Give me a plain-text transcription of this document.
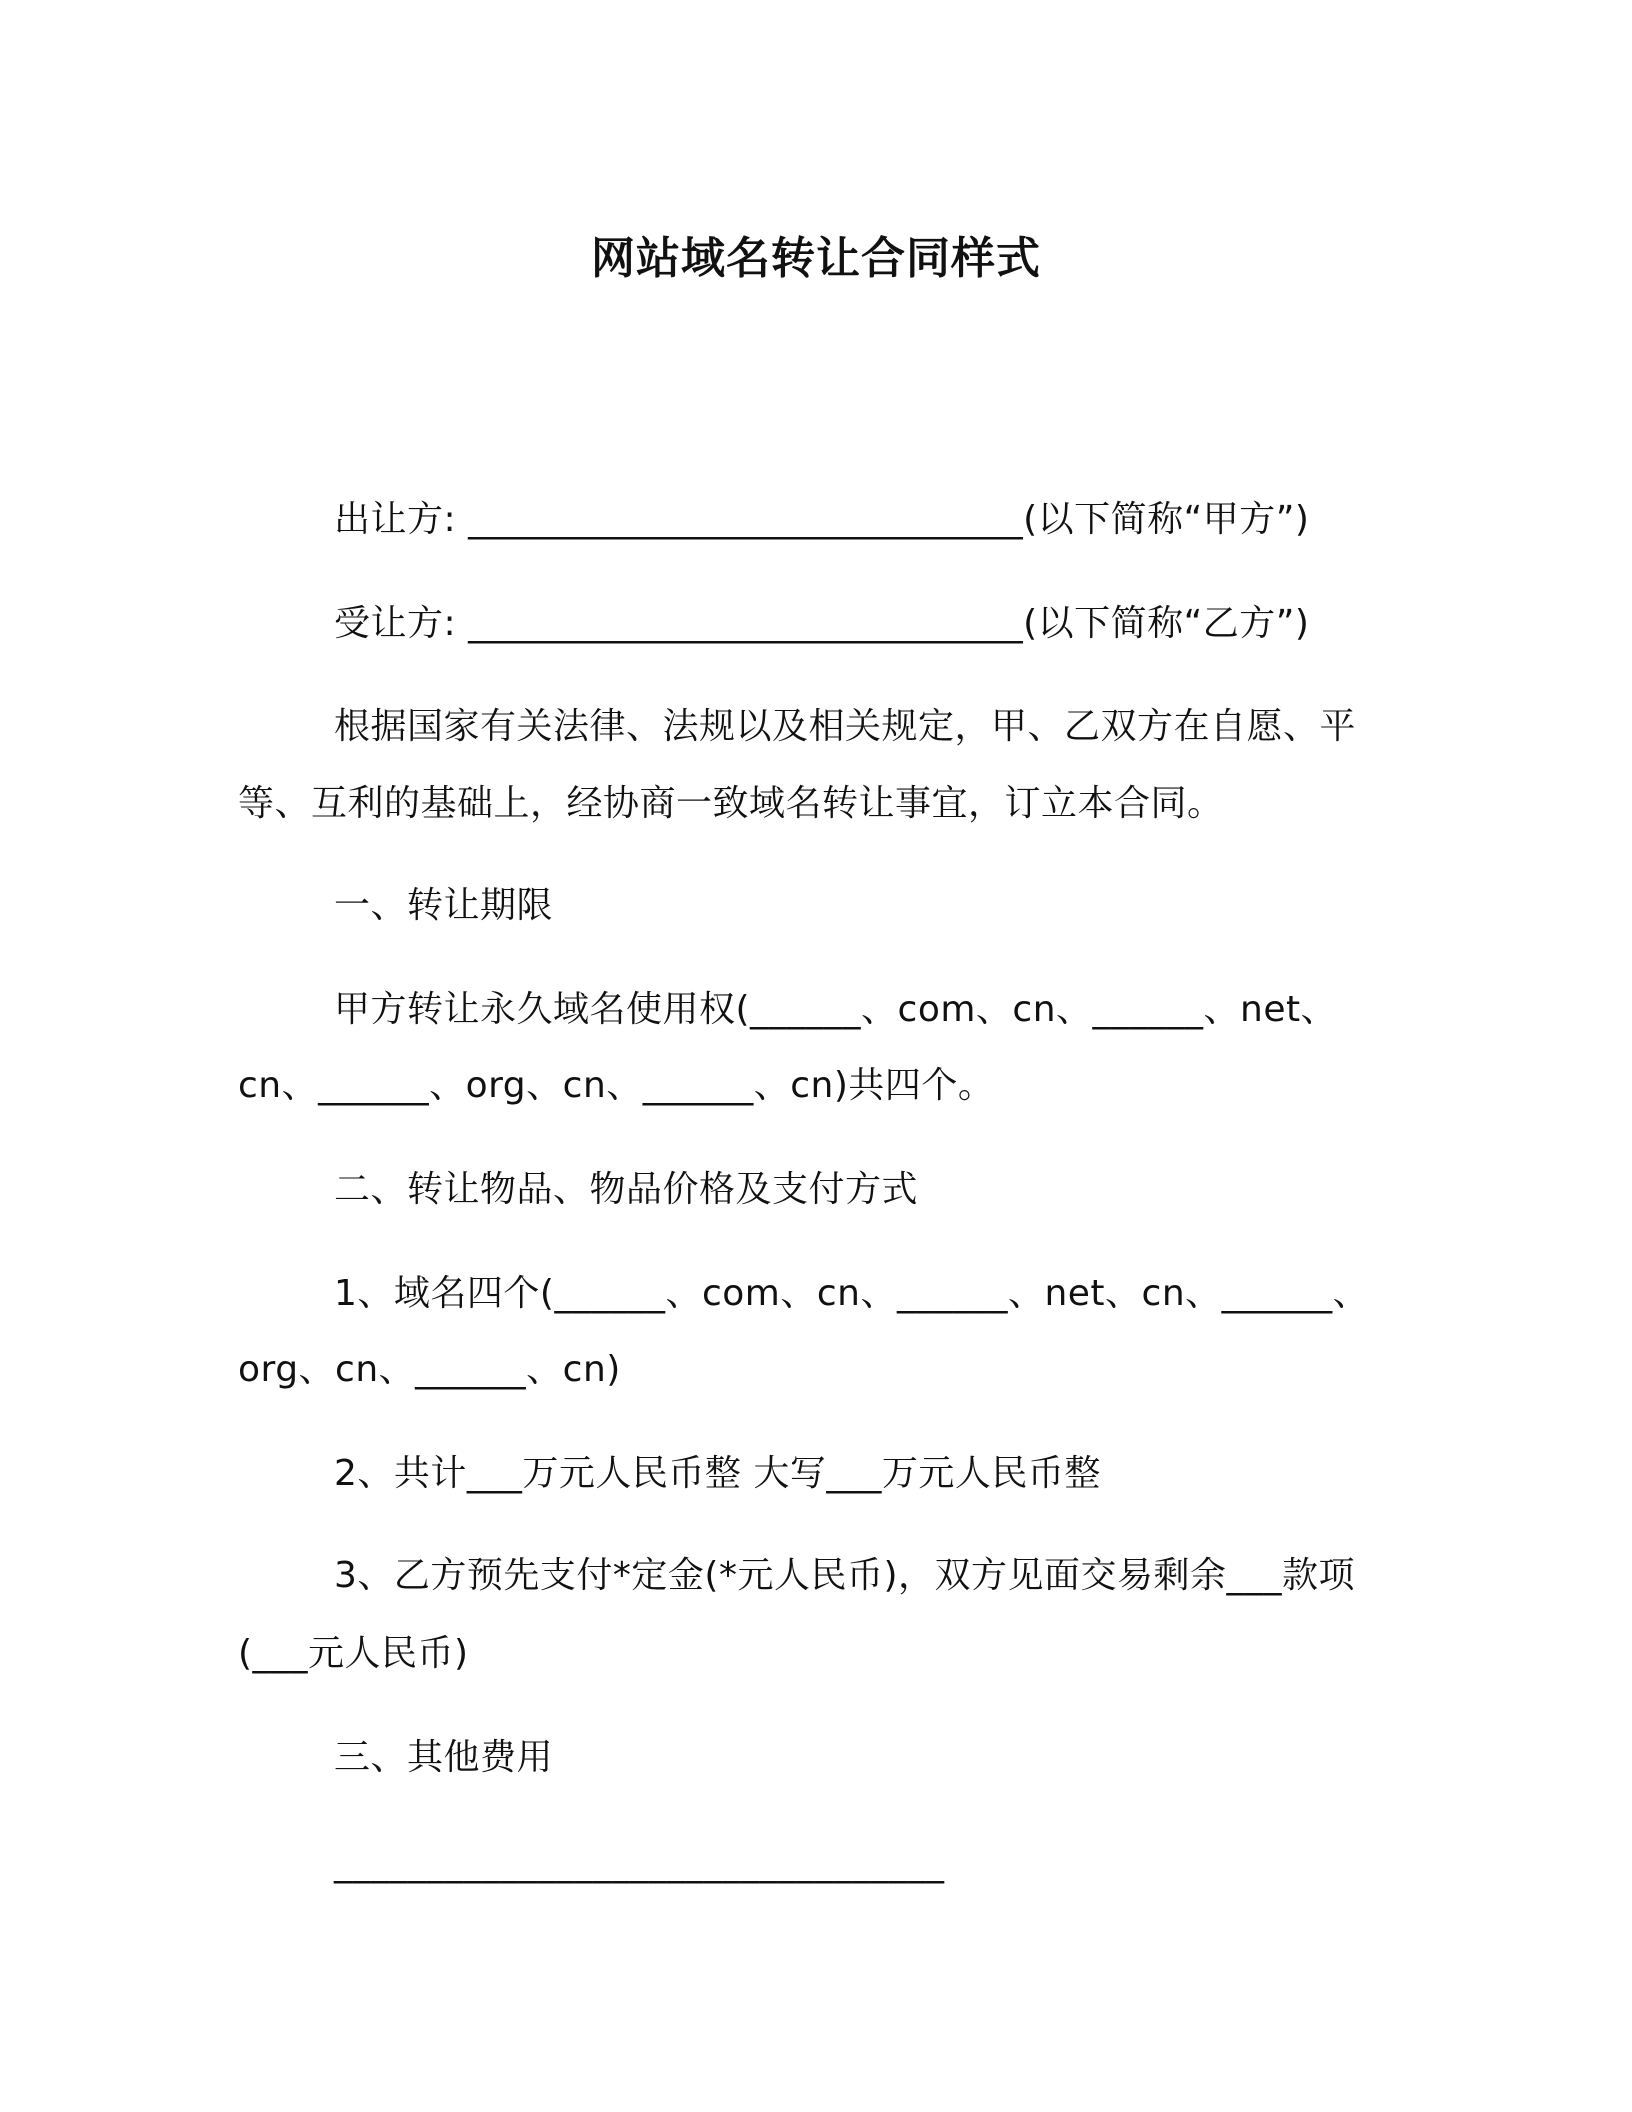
网站域名转让合同样式
出让方: ______________________________(以下简称“甲方”)
受让方: ______________________________(以下简称“乙方”)
根据国家有关法律、法规以及相关规定，甲、乙双方在自愿、平
等、互利的基础上，经协商一致域名转让事宜，订立本合同。
一、转让期限
甲方转让永久域名使用权(______、com、cn、______、net、
cn、______、org、cn、______、cn)共四个。
二、转让物品、物品价格及支付方式
1、域名四个(______、com、cn、______、net、cn、______、
org、cn、______、cn)
2、共计___万元人民币整 大写___万元人民币整
3、乙方预先支付*定金(*元人民币)，双方见面交易剩余___款项
(___元人民币)
三、其他费用
_________________________________
